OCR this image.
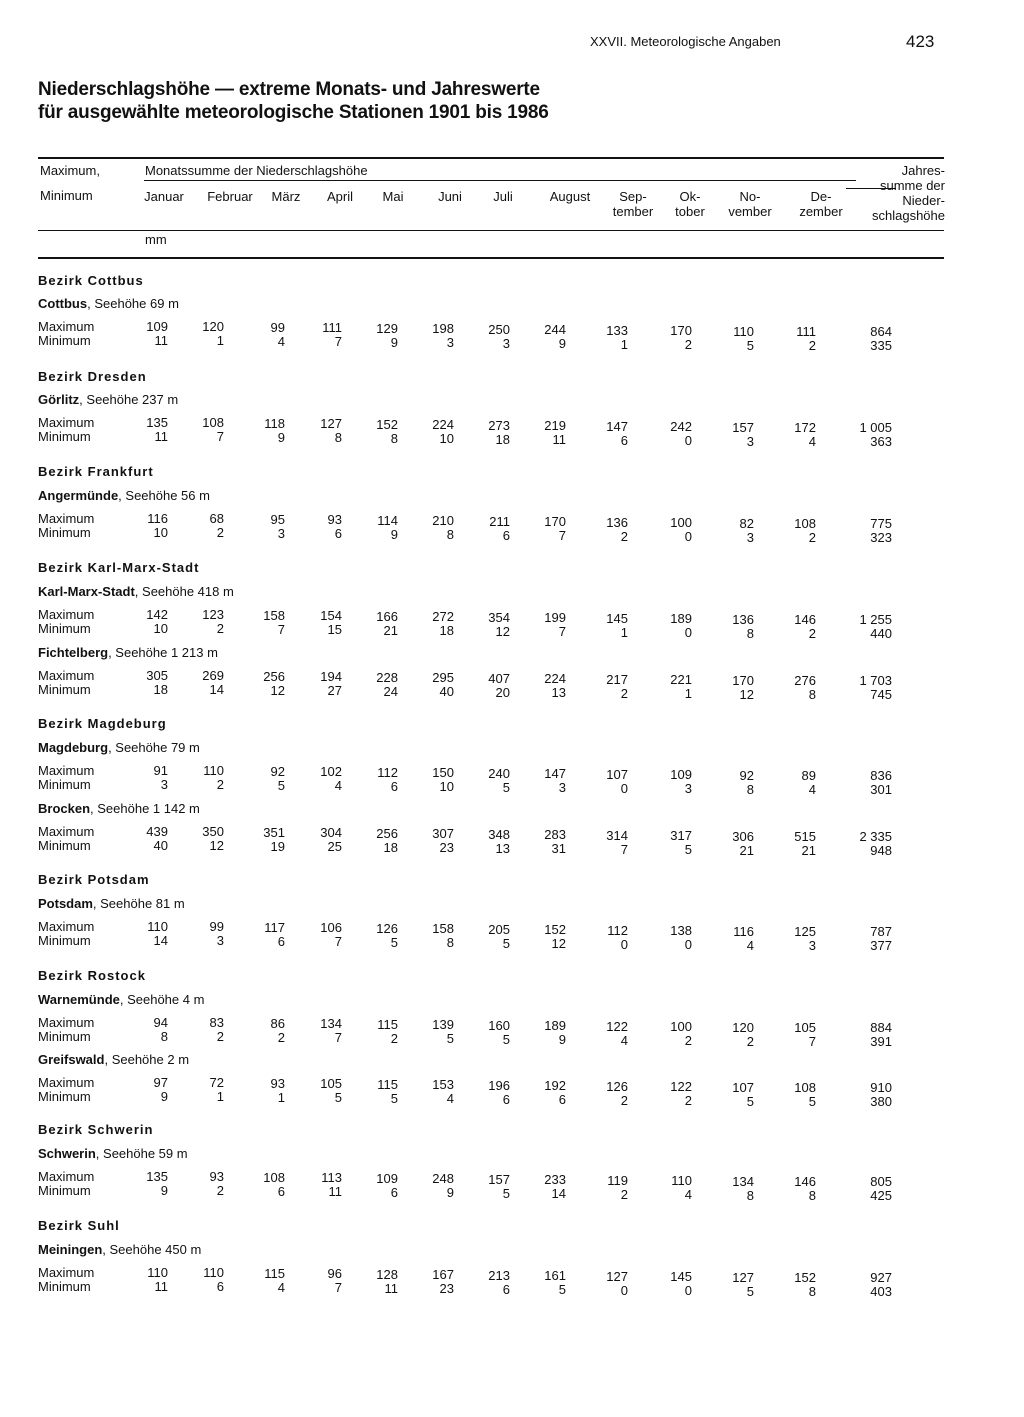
XXVII. Meteorologische Angaben	423
Niederschlagshöhe — extreme Monats- und Jahreswerte
für ausgewählte meteorologische Stationen 1901 bis 1986
Maximum,
Minimum
Monatssumme der Niederschlagshöhe
mm
Jahres-
summe der
Nieder-
schlagshöhe
Januar	Februar	März	April	Mai	Juni	Juli	August	Sep-
tember
Ok-
tober
No-
vember
De-
zember
Bezirk Cottbus
Cottbus, Seehöhe 69 m
Maximum	109	120	99	111	129	198	250	244	133	170	110	111	864
Minimum	11	1	4	7	9	3	3	9	1	2	5	2	335
Bezirk Dresden
Görlitz, Seehöhe 237 m
Maximum	135	108	118	127	152	224	273	219	147	242	157	172	1 005
Minimum	11	7	9	8	8	10	18	11	6	0	3	4	363
Bezirk Frankfurt
Angermünde, Seehöhe 56 m
Maximum	116	68	95	93	114	210	211	170	136	100	82	108	775
Minimum	10	2	3	6	9	8	6	7	2	0	3	2	323
Bezirk Karl-Marx-Stadt
Karl-Marx-Stadt, Seehöhe 418 m
Maximum	142	123	158	154	166	272	354	199	145	189	136	146	1 255
Minimum	10	2	7	15	21	18	12	7	1	0	8	2	440
Fichtelberg, Seehöhe 1 213 m
Maximum	305	269	256	194	228	295	407	224	217	221	170	276	1 703
Minimum	18	14	12	27	24	40	20	13	2	1	12	8	745
Bezirk Magdeburg
Magdeburg, Seehöhe 79 m
Maximum	91	110	92	102	112	150	240	147	107	109	92	89	836
Minimum	3	2	5	4	6	10	5	3	0	3	8	4	301
Brocken, Seehöhe 1 142 m
Maximum	439	350	351	304	256	307	348	283	314	317	306	515	2 335
Minimum	40	12	19	25	18	23	13	31	7	5	21	21	948
Bezirk Potsdam
Potsdam, Seehöhe 81 m
Maximum	110	99	117	106	126	158	205	152	112	138	116	125	787
Minimum	14	3	6	7	5	8	5	12	0	0	4	3	377
Bezirk Rostock
Warnemünde, Seehöhe 4 m
Maximum	94	83	86	134	115	139	160	189	122	100	120	105	884
Minimum	8	2	2	7	2	5	5	9	4	2	2	7	391
Greifswald, Seehöhe 2 m
Maximum	97	72	93	105	115	153	196	192	126	122	107	108	910
Minimum	9	1	1	5	5	4	6	6	2	2	5	5	380
Bezirk Schwerin
Schwerin, Seehöhe 59 m
Maximum	135	93	108	113	109	248	157	233	119	110	134	146	805
Minimum	9	2	6	11	6	9	5	14	2	4	8	8	425
Bezirk Suhl
Meiningen, Seehöhe 450 m
Maximum	110	110	115	96	128	167	213	161	127	145	127	152	927
Minimum	11	6	4	7	11	23	6	5	0	0	5	8	403
